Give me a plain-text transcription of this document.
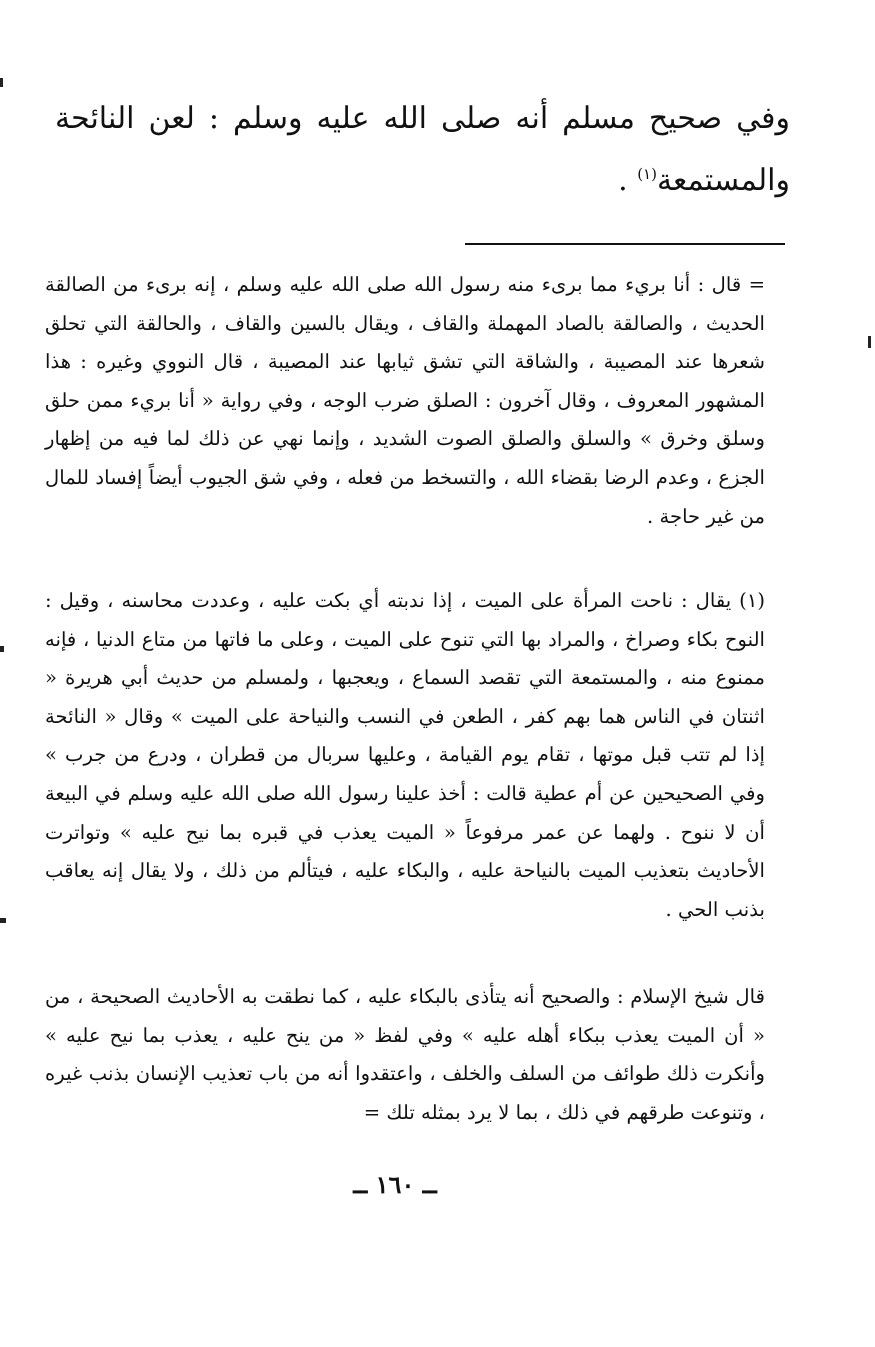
وفي صحيح مسلم أنه صلى الله عليه وسلم : لعن النائحة والمستمعة$^{(١)}$ .

= قال : أنا بريء مما برىء منه رسول الله صلى الله عليه وسلم ، إنه برىء من الصالقة الحديث ، والصالقة بالصاد المهملة والقاف ، ويقال بالسين والقاف ، والحالقة التي تحلق شعرها عند المصيبة ، والشاقة التي تشق ثيابها عند المصيبة ، قال النووي وغيره : هذا المشهور المعروف ، وقال آخرون : الصلق ضرب الوجه ، وفي رواية « أنا بريء ممن حلق وسلق وخرق » والسلق والصلق الصوت الشديد ، وإنما نهي عن ذلك لما فيه من إظهار الجزع ، وعدم الرضا بقضاء الله ، والتسخط من فعله ، وفي شق الجيوب أيضاً إفساد للمال من غير حاجة .

(١) يقال : ناحت المرأة على الميت ، إذا ندبته أي بكت عليه ، وعددت محاسنه ، وقيل : النوح بكاء وصراخ ، والمراد بها التي تنوح على الميت ، وعلى ما فاتها من متاع الدنيا ، فإنه ممنوع منه ، والمستمعة التي تقصد السماع ، ويعجبها ، ولمسلم من حديث أبي هريرة « اثنتان في الناس هما بهم كفر ، الطعن في النسب والنياحة على الميت » وقال « النائحة إذا لم تتب قبل موتها ، تقام يوم القيامة ، وعليها سربال من قطران ، ودرع من جرب » وفي الصحيحين عن أم عطية قالت : أخذ علينا رسول الله صلى الله عليه وسلم في البيعة أن لا ننوح . ولهما عن عمر مرفوعاً « الميت يعذب في قبره بما نيح عليه » وتواترت الأحاديث بتعذيب الميت بالنياحة عليه ، والبكاء عليه ، فيتألم من ذلك ، ولا يقال إنه يعاقب بذنب الحي .

قال شيخ الإسلام : والصحيح أنه يتأذى بالبكاء عليه ، كما نطقت به الأحاديث الصحيحة ، من « أن الميت يعذب ببكاء أهله عليه » وفي لفظ « من ينح عليه ، يعذب بما نيح عليه » وأنكرت ذلك طوائف من السلف والخلف ، واعتقدوا أنه من باب تعذيب الإنسان بذنب غيره ، وتنوعت طرقهم في ذلك ، بما لا يرد بمثله تلك =

ــ ١٦٠ ــ
